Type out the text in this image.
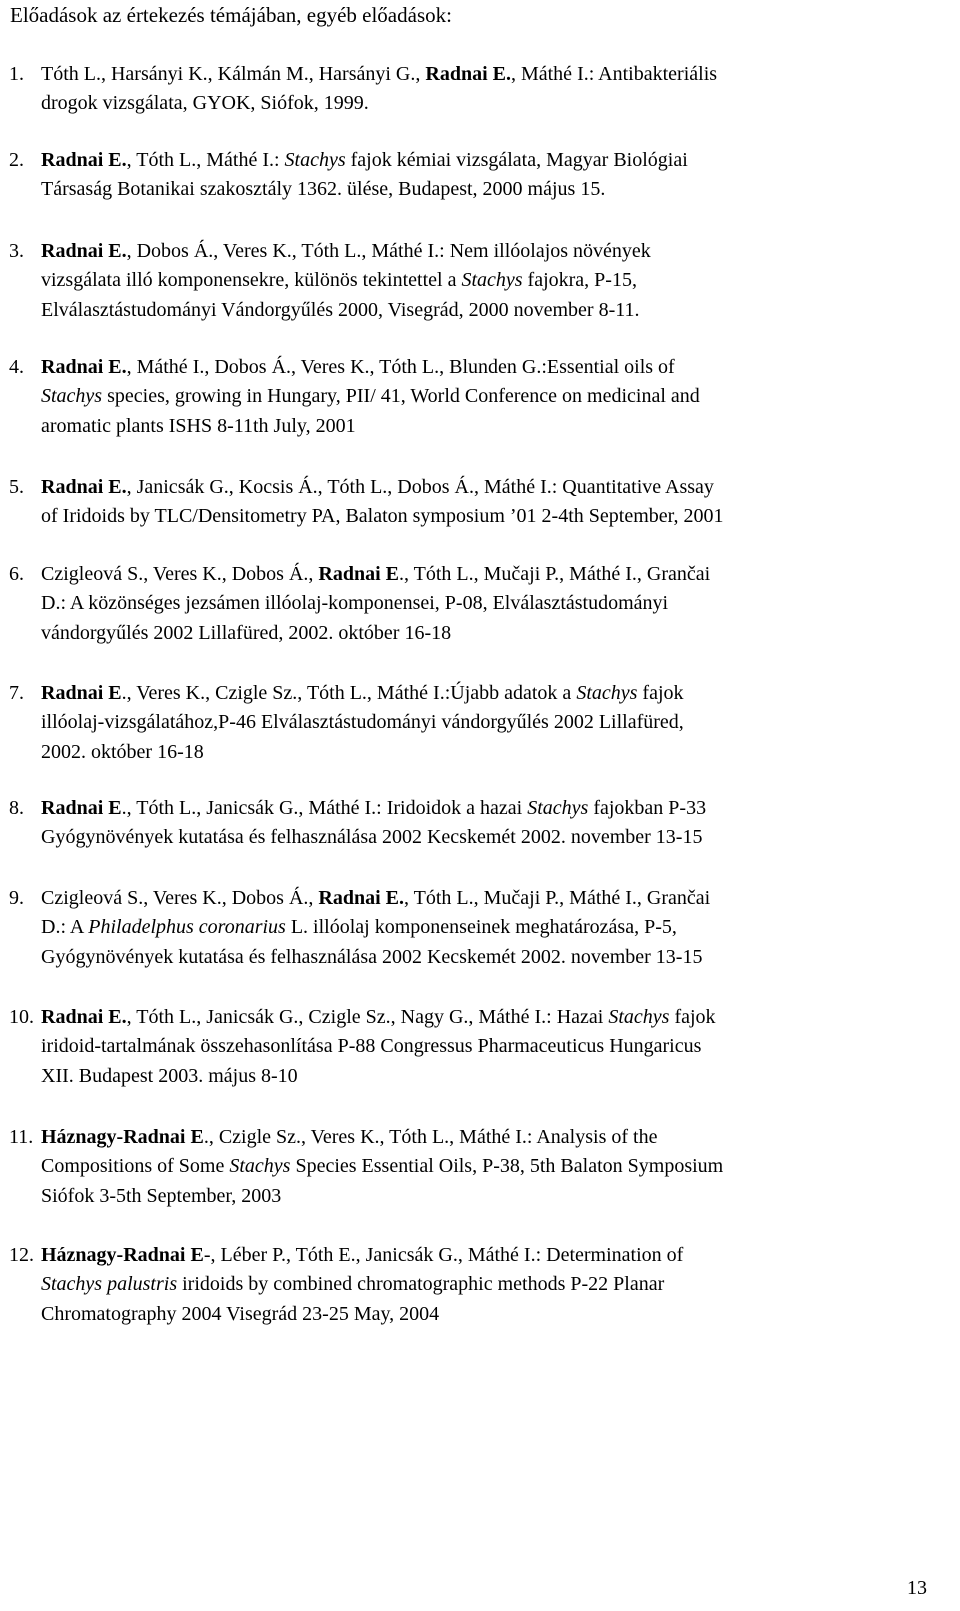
Előadások az értekezés témájában, egyéb előadások:
1. Tóth L., Harsányi K., Kálmán M., Harsányi G., Radnai E., Máthé I.: Antibakteriális
drogok vizsgálata, GYOK, Siófok, 1999.
2. Radnai E., Tóth L., Máthé I.: Stachys fajok kémiai vizsgálata, Magyar Biológiai
Társaság Botanikai szakosztály 1362. ülése, Budapest, 2000 május 15.
3. Radnai E., Dobos Á., Veres K., Tóth L., Máthé I.: Nem illóolajos növények
vizsgálata illó komponensekre, különös tekintettel a Stachys fajokra, P-15,
Elválasztástudományi Vándorgyűlés 2000, Visegrád, 2000 november 8-11.
4. Radnai E., Máthé I., Dobos Á., Veres K., Tóth L., Blunden G.:Essential oils of
Stachys species, growing in Hungary, PII/ 41, World Conference on medicinal and
aromatic plants ISHS 8-11th July, 2001
5. Radnai E., Janicsák G., Kocsis Á., Tóth L., Dobos Á., Máthé I.: Quantitative Assay
of Iridoids by TLC/Densitometry PA, Balaton symposium ’01 2-4th September, 2001
6. Czigleová S., Veres K., Dobos Á., Radnai E., Tóth L., Mučaji P., Máthé I., Grančai
D.: A közönséges jezsámen illóolaj-komponensei, P-08, Elválasztástudományi
vándorgyűlés 2002 Lillafüred, 2002. október 16-18
7. Radnai E., Veres K., Czigle Sz., Tóth L., Máthé I.:Újabb adatok a Stachys fajok
illóolaj-vizsgálatához,P-46 Elválasztástudományi vándorgyűlés 2002 Lillafüred,
2002. október 16-18
8. Radnai E., Tóth L., Janicsák G., Máthé I.: Iridoidok a hazai Stachys fajokban P-33
Gyógynövények kutatása és felhasználása 2002 Kecskemét 2002. november 13-15
9. Czigleová S., Veres K., Dobos Á., Radnai E., Tóth L., Mučaji P., Máthé I., Grančai
D.: A Philadelphus coronarius L. illóolaj komponenseinek meghatározása, P-5,
Gyógynövények kutatása és felhasználása 2002 Kecskemét 2002. november 13-15
10. Radnai E., Tóth L., Janicsák G., Czigle Sz., Nagy G., Máthé I.: Hazai Stachys fajok
iridoid-tartalmának összehasonlítása P-88 Congressus Pharmaceuticus Hungaricus
XII. Budapest 2003. május 8-10
11. Háznagy-Radnai E., Czigle Sz., Veres K., Tóth L., Máthé I.: Analysis of the
Compositions of Some Stachys Species Essential Oils, P-38, 5th Balaton Symposium
Siófok 3-5th September, 2003
12. Háznagy-Radnai E-, Léber P., Tóth E., Janicsák G., Máthé I.: Determination of
Stachys palustris iridoids by combined chromatographic methods P-22 Planar
Chromatography 2004 Visegrád 23-25 May, 2004
13
